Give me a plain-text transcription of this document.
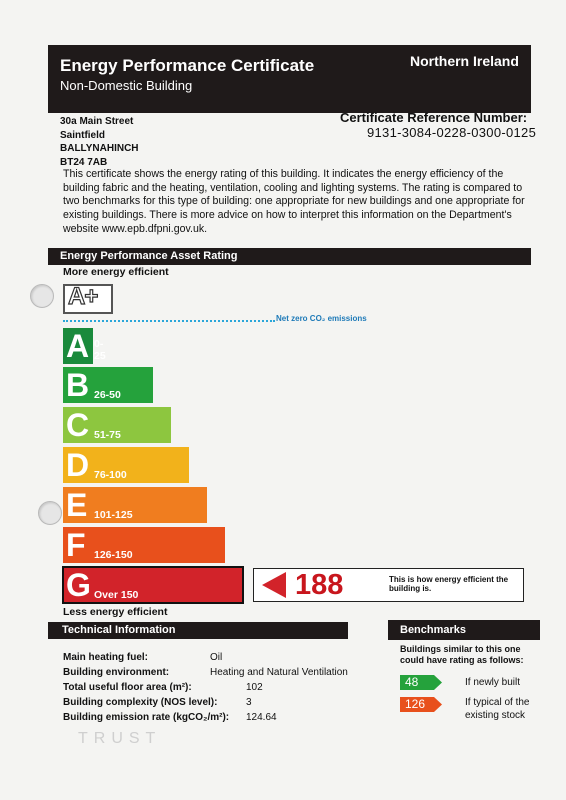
Energy Performance Certificate
Non-Domestic Building
Northern Ireland
30a Main Street
Saintfield
BALLYNAHINCH
BT24 7AB
Certificate Reference Number:
9131-3084-0228-0300-0125
This certificate shows the energy rating of this building. It indicates the energy efficiency of the building fabric and the heating, ventilation, cooling and lighting systems. The rating is compared to two benchmarks for this type of building: one appropriate for new buildings and one appropriate for existing buildings. There is more advice on how to interpret this information on the Department's website www.epb.dfpni.gov.uk.
Energy Performance Asset Rating
More energy efficient
A+
Net zero CO₂ emissions
A 0-25
B 26-50
C 51-75
D 76-100
E 101-125
F 126-150
G Over 150
Less energy efficient
188	This is how energy efficient the building is.
Technical Information
Main heating fuel:	Oil
Building environment:	Heating and Natural Ventilation
Total useful floor area (m²):	102
Building complexity (NOS level):	3
Building emission rate (kgCO₂/m²): 124.64
Benchmarks
Buildings similar to this one could have rating as follows:
48	If newly built
126	If typical of the existing stock
TRUST
